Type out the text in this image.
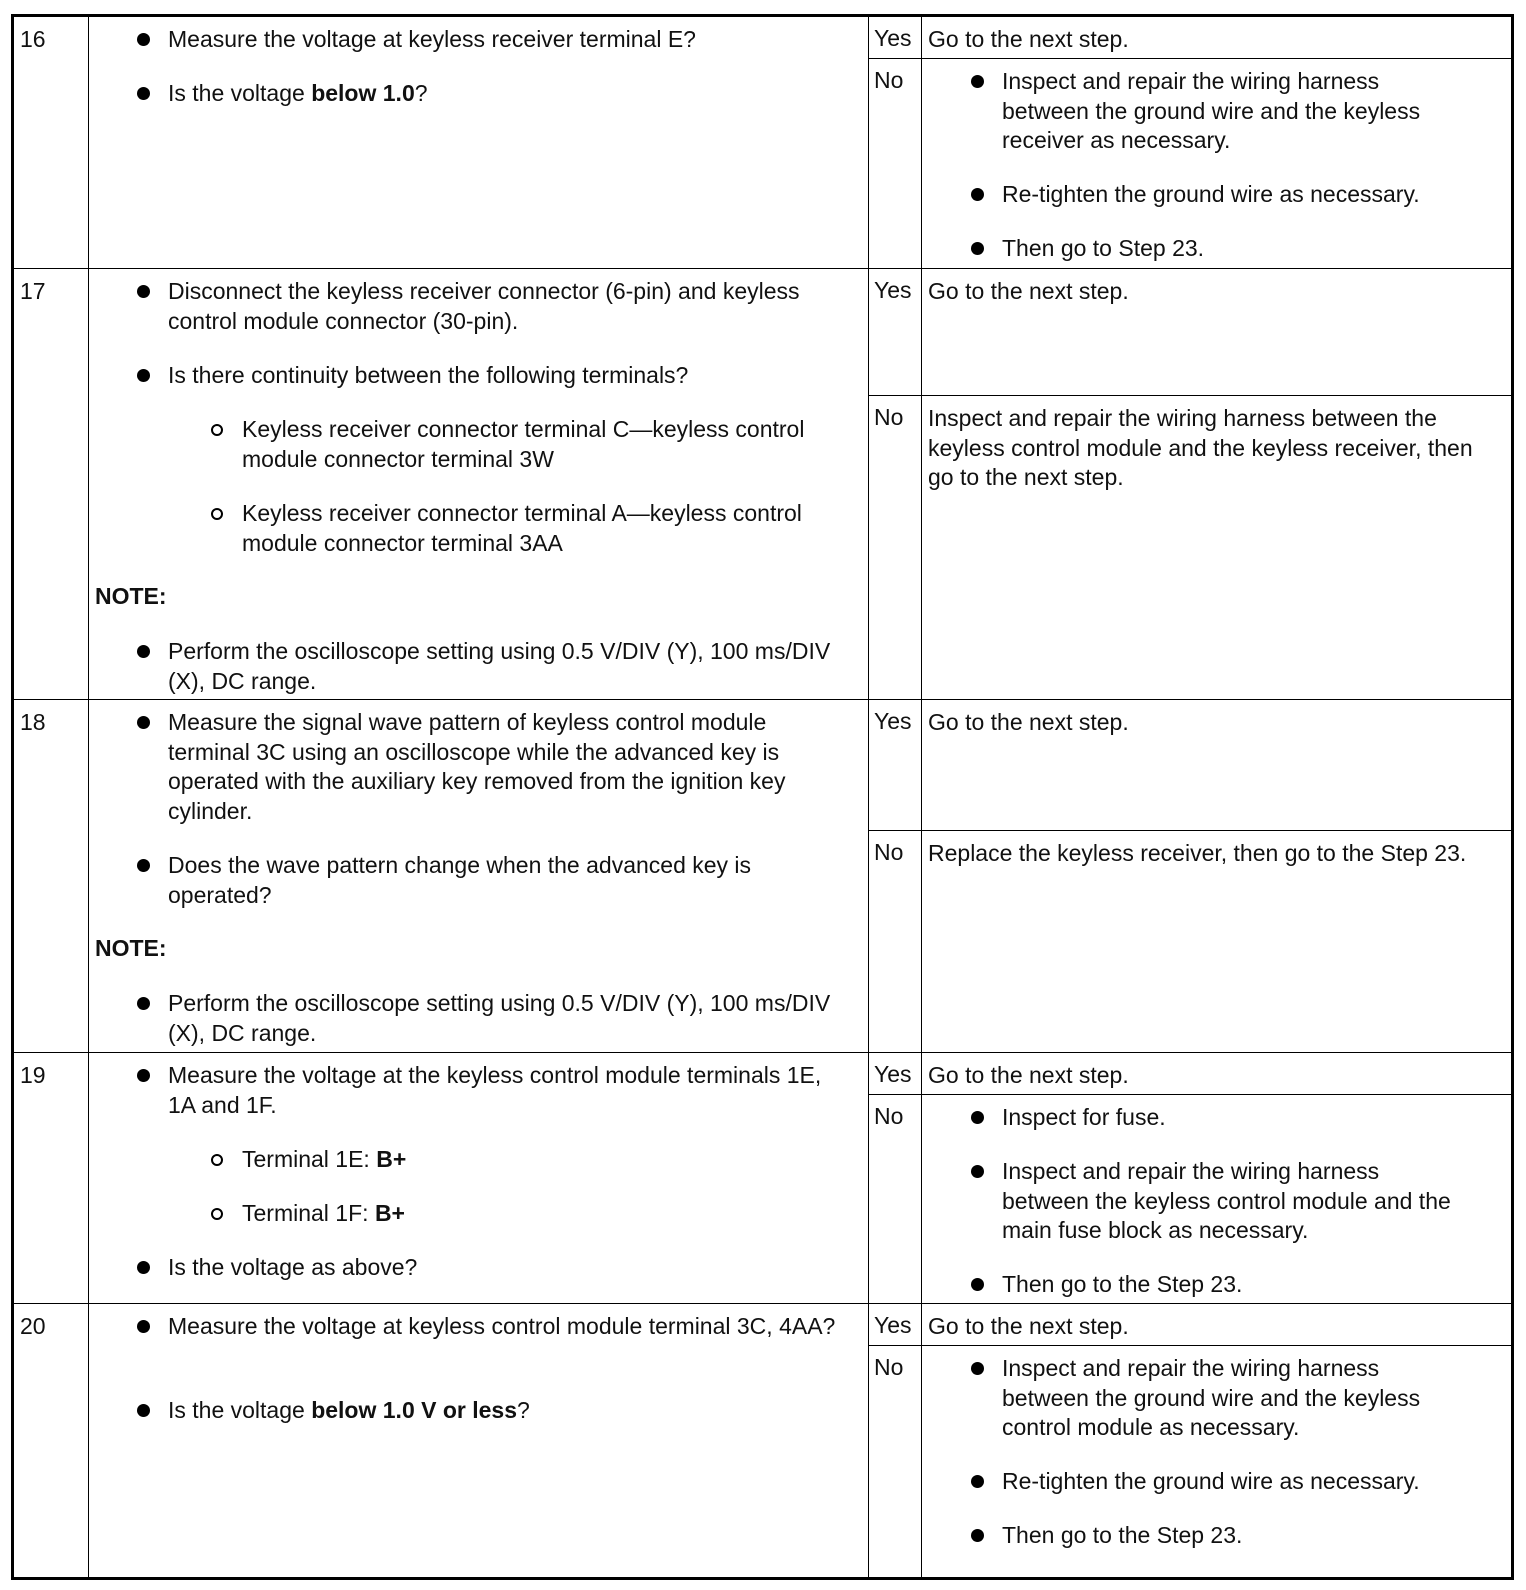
16	Measure the voltage at keyless receiver terminal E?
Is the voltage below 1.0?
Yes Go to the next step.
No	Inspect and repair the wiring harness between the ground wire and the keyless receiver as necessary.
Re-tighten the ground wire as necessary.
Then go to Step 23.
17	Disconnect the keyless receiver connector (6-pin) and keyless control module connector (30-pin).
Is there continuity between the following terminals?
Keyless receiver connector terminal C—keyless control module connector terminal 3W
Keyless receiver connector terminal A—keyless control module connector terminal 3AA
NOTE:
Perform the oscilloscope setting using 0.5 V/DIV (Y), 100 ms/DIV (X), DC range.
Yes Go to the next step.
No	Inspect and repair the wiring harness between the keyless control module and the keyless receiver, then go to the next step.
18	Measure the signal wave pattern of keyless control module terminal 3C using an oscilloscope while the advanced key is operated with the auxiliary key removed from the ignition key cylinder.
Does the wave pattern change when the advanced key is operated?
NOTE:
Perform the oscilloscope setting using 0.5 V/DIV (Y), 100 ms/DIV (X), DC range.
Yes Go to the next step.
No	Replace the keyless receiver, then go to the Step 23.
19	Measure the voltage at the keyless control module terminals 1E, 1A and 1F.
Terminal 1E: B+
Terminal 1F: B+
Is the voltage as above?
Yes Go to the next step.
No	Inspect for fuse.
Inspect and repair the wiring harness between the keyless control module and the main fuse block as necessary.
Then go to the Step 23.
20	Measure the voltage at keyless control module terminal 3C, 4AA?
Is the voltage below 1.0 V or less?
Yes Go to the next step.
No	Inspect and repair the wiring harness between the ground wire and the keyless control module as necessary.
Re-tighten the ground wire as necessary.
Then go to the Step 23.
